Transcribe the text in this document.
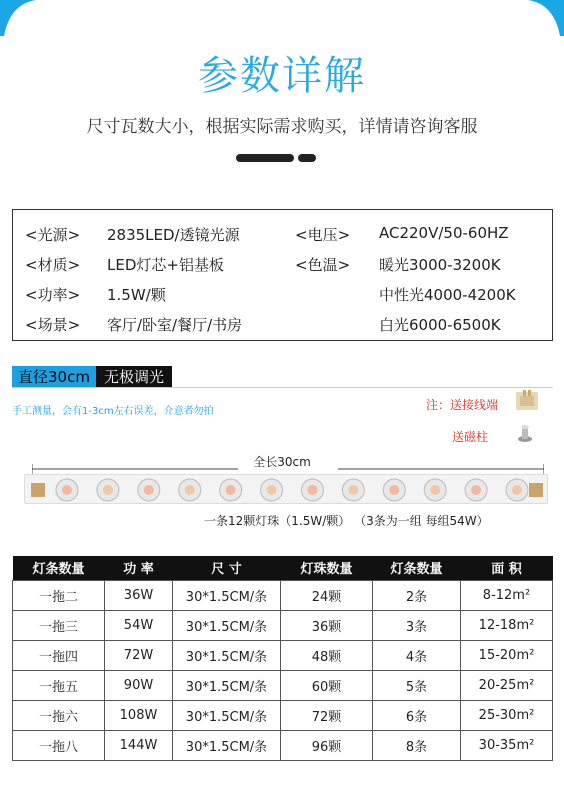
参数详解
尺寸瓦数大小，根据实际需求购买，详情请咨询客服
<光源> 2835LED/透镜光源	<电压> AC220V/50-60HZ
<材质> LED灯芯+铝基板	<色温> 暖光3000-3200K
<功率> 1.5W/颗	中性光4000-4200K
<场景> 客厅/卧室/餐厅/书房	白光6000-6500K
直径30cm 无极调光
手工测量，会有1-3cm左右误差，介意者勿拍	注：送接线端
送磁柱
全长30cm
一条12颗灯珠（1.5W/颗） （3条为一组 每组54W）
灯条数量	功 率	尺 寸	灯珠数量	灯条数量	面 积
一拖二	36W	30*1.5CM/条	24颗	2条	8-12m²
一拖三	54W	30*1.5CM/条	36颗	3条	12-18m²
一拖四	72W	30*1.5CM/条	48颗	4条	15-20m²
一拖五	90W	30*1.5CM/条	60颗	5条	20-25m²
一拖六	108W	30*1.5CM/条	72颗	6条	25-30m²
一拖八	144W	30*1.5CM/条	96颗	8条	30-35m²
